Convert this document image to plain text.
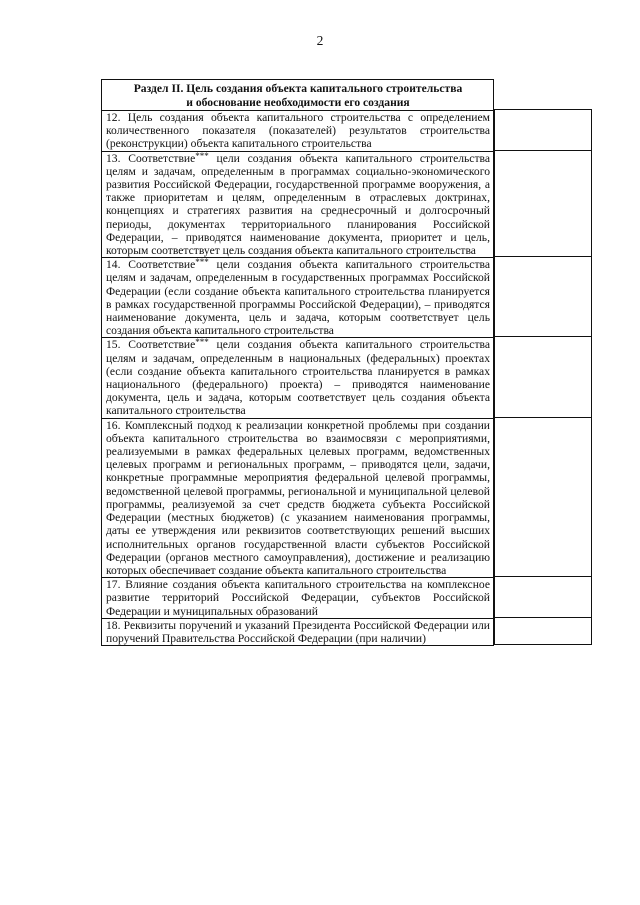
2
Раздел II. Цель создания объекта капитального строительства
и обоснование необходимости его создания

12. Цель создания объекта капитального строительства с определением количественного показателя (показателей) результатов строительства (реконструкции) объекта капитального строительства
13. Соответствие*** цели создания объекта капитального строительства целям и задачам, определенным в программах социально-экономического развития Российской Федерации, государственной программе вооружения, а также приоритетам и целям, определенным в отраслевых доктринах, концепциях и стратегиях развития на среднесрочный и долгосрочный периоды, документах территориального планирования Российской Федерации, – приводятся наименование документа, приоритет и цель, которым соответствует цель создания объекта капитального строительства
14. Соответствие*** цели создания объекта капитального строительства целям и задачам, определенным в государственных программах Российской Федерации (если создание объекта капитального строительства планируется в рамках государственной программы Российской Федерации), – приводятся наименование документа, цель и задача, которым соответствует цель создания объекта капитального строительства
15. Соответствие*** цели создания объекта капитального строительства целям и задачам, определенным в национальных (федеральных) проектах (если создание объекта капитального строительства планируется в рамках национального (федерального) проекта) – приводятся наименование документа, цель и задача, которым соответствует цель создания объекта капитального строительства
16. Комплексный подход к реализации конкретной проблемы при создании объекта капитального строительства во взаимосвязи с мероприятиями, реализуемыми в рамках федеральных целевых программ, ведомственных целевых программ и региональных программ, – приводятся цели, задачи, конкретные программные мероприятия федеральной целевой программы, ведомственной целевой программы, региональной и муниципальной целевой программы, реализуемой за счет средств бюджета субъекта Российской Федерации (местных бюджетов) (с указанием наименования программы, даты ее утверждения или реквизитов соответствующих решений высших исполнительных органов государственной власти субъектов Российской Федерации (органов местного самоуправления), достижение и реализацию которых обеспечивает создание объекта капитального строительства
17. Влияние создания объекта капитального строительства на комплексное развитие территорий Российской Федерации, субъектов Российской Федерации и муниципальных образований
18. Реквизиты поручений и указаний Президента Российской Федерации или поручений Правительства Российской Федерации (при наличии)
